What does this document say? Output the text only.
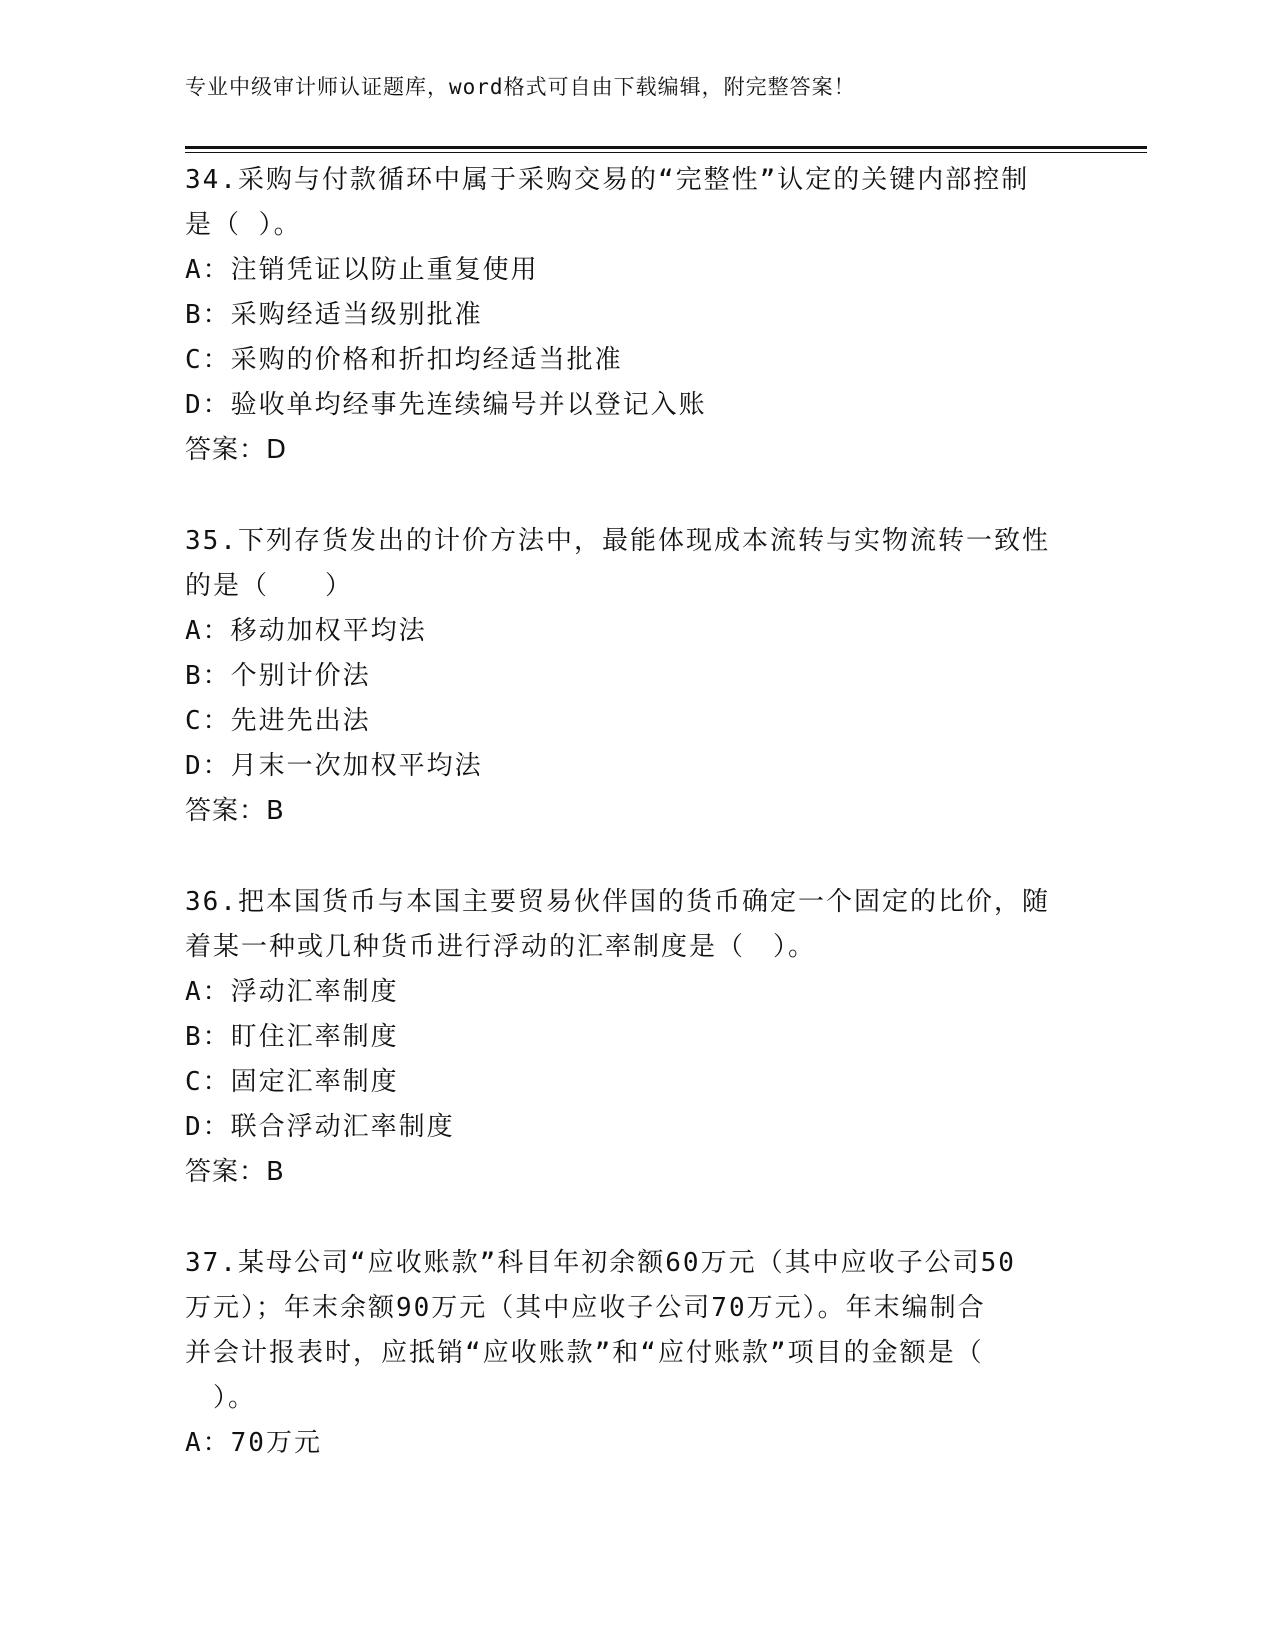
专业中级审计师认证题库，word格式可自由下载编辑，附完整答案！

34.采购与付款循环中属于采购交易的“完整性”认定的关键内部控制

是（ ）。

A：注销凭证以防止重复使用

B：采购经适当级别批准

C：采购的价格和折扣均经适当批准

D：验收单均经事先连续编号并以登记入账

答案：D

35.下列存货发出的计价方法中，最能体现成本流转与实物流转一致性

的是（　　）

A：移动加权平均法

B：个别计价法

C：先进先出法

D：月末一次加权平均法

答案：B

36.把本国货币与本国主要贸易伙伴国的货币确定一个固定的比价，随

着某一种或几种货币进行浮动的汇率制度是（　）。

A：浮动汇率制度

B：盯住汇率制度

C：固定汇率制度

D：联合浮动汇率制度

答案：B

37.某母公司“应收账款”科目年初余额60万元（其中应收子公司50

万元）；年末余额90万元（其中应收子公司70万元）。年末编制合

并会计报表时，应抵销“应收账款”和“应付账款”项目的金额是（

　）。

A：70万元
